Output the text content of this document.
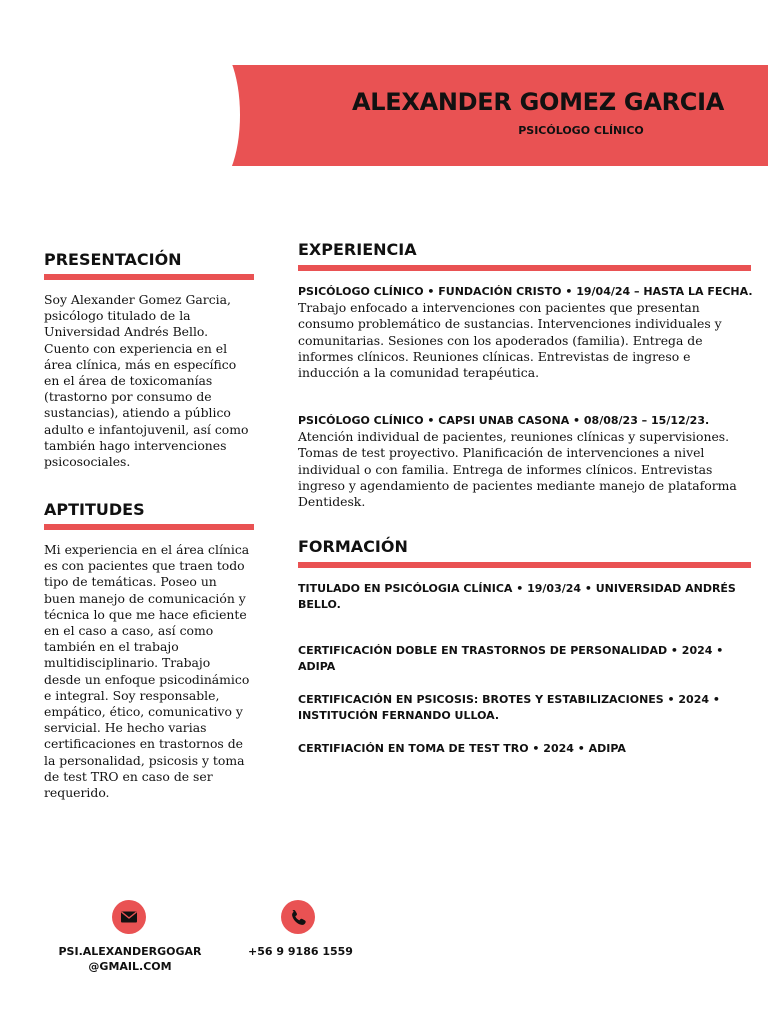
ALEXANDER GOMEZ GARCIA
PSICÓLOGO CLÍNICO
PRESENTACIÓN

Soy Alexander Gomez Garcia, psicólogo titulado de la Universidad Andrés Bello. Cuento con experiencia en el área clínica, más en específico en el área de toxicomanías (trastorno por consumo de sustancias), atiendo a público adulto e infantojuvenil, así como también hago intervenciones psicosociales.

APTITUDES

Mi experiencia en el área clínica es con pacientes que traen todo tipo de temáticas. Poseo un buen manejo de comunicación y técnica lo que me hace eficiente en el caso a caso, así como también en el trabajo multidisciplinario. Trabajo desde un enfoque psicodinámico e integral. Soy responsable, empático, ético, comunicativo y servicial. He hecho varias certificaciones en trastornos de la personalidad, psicosis y toma de test TRO en caso de ser requerido.

EXPERIENCIA
PSICÓLOGO CLÍNICO • FUNDACIÓN CRISTO • 19/04/24 – HASTA LA FECHA.
Trabajo enfocado a intervenciones con pacientes que presentan consumo problemático de sustancias. Intervenciones individuales y comunitarias. Sesiones con los apoderados (familia). Entrega de informes clínicos. Reuniones clínicas. Entrevistas de ingreso e inducción a la comunidad terapéutica.
PSICÓLOGO CLÍNICO • CAPSI UNAB CASONA • 08/08/23 – 15/12/23.
Atención individual de pacientes, reuniones clínicas y supervisiones. Tomas de test proyectivo. Planificación de intervenciones a nivel individual o con familia. Entrega de informes clínicos. Entrevistas ingreso y agendamiento de pacientes mediante manejo de plataforma Dentidesk.
FORMACIÓN
TITULADO EN PSICÓLOGIA CLÍNICA • 19/03/24 • UNIVERSIDAD ANDRÉS BELLO.
CERTIFICACIÓN DOBLE EN TRASTORNOS DE PERSONALIDAD • 2024 • ADIPA
CERTIFICACIÓN EN PSICOSIS: BROTES Y ESTABILIZACIONES • 2024 • INSTITUCIÓN FERNANDO ULLOA.
CERTIFIACIÓN EN TOMA DE TEST TRO • 2024 • ADIPA
PSI.ALEXANDERGOGAR
@GMAIL.COM
+56 9 9186 1559
